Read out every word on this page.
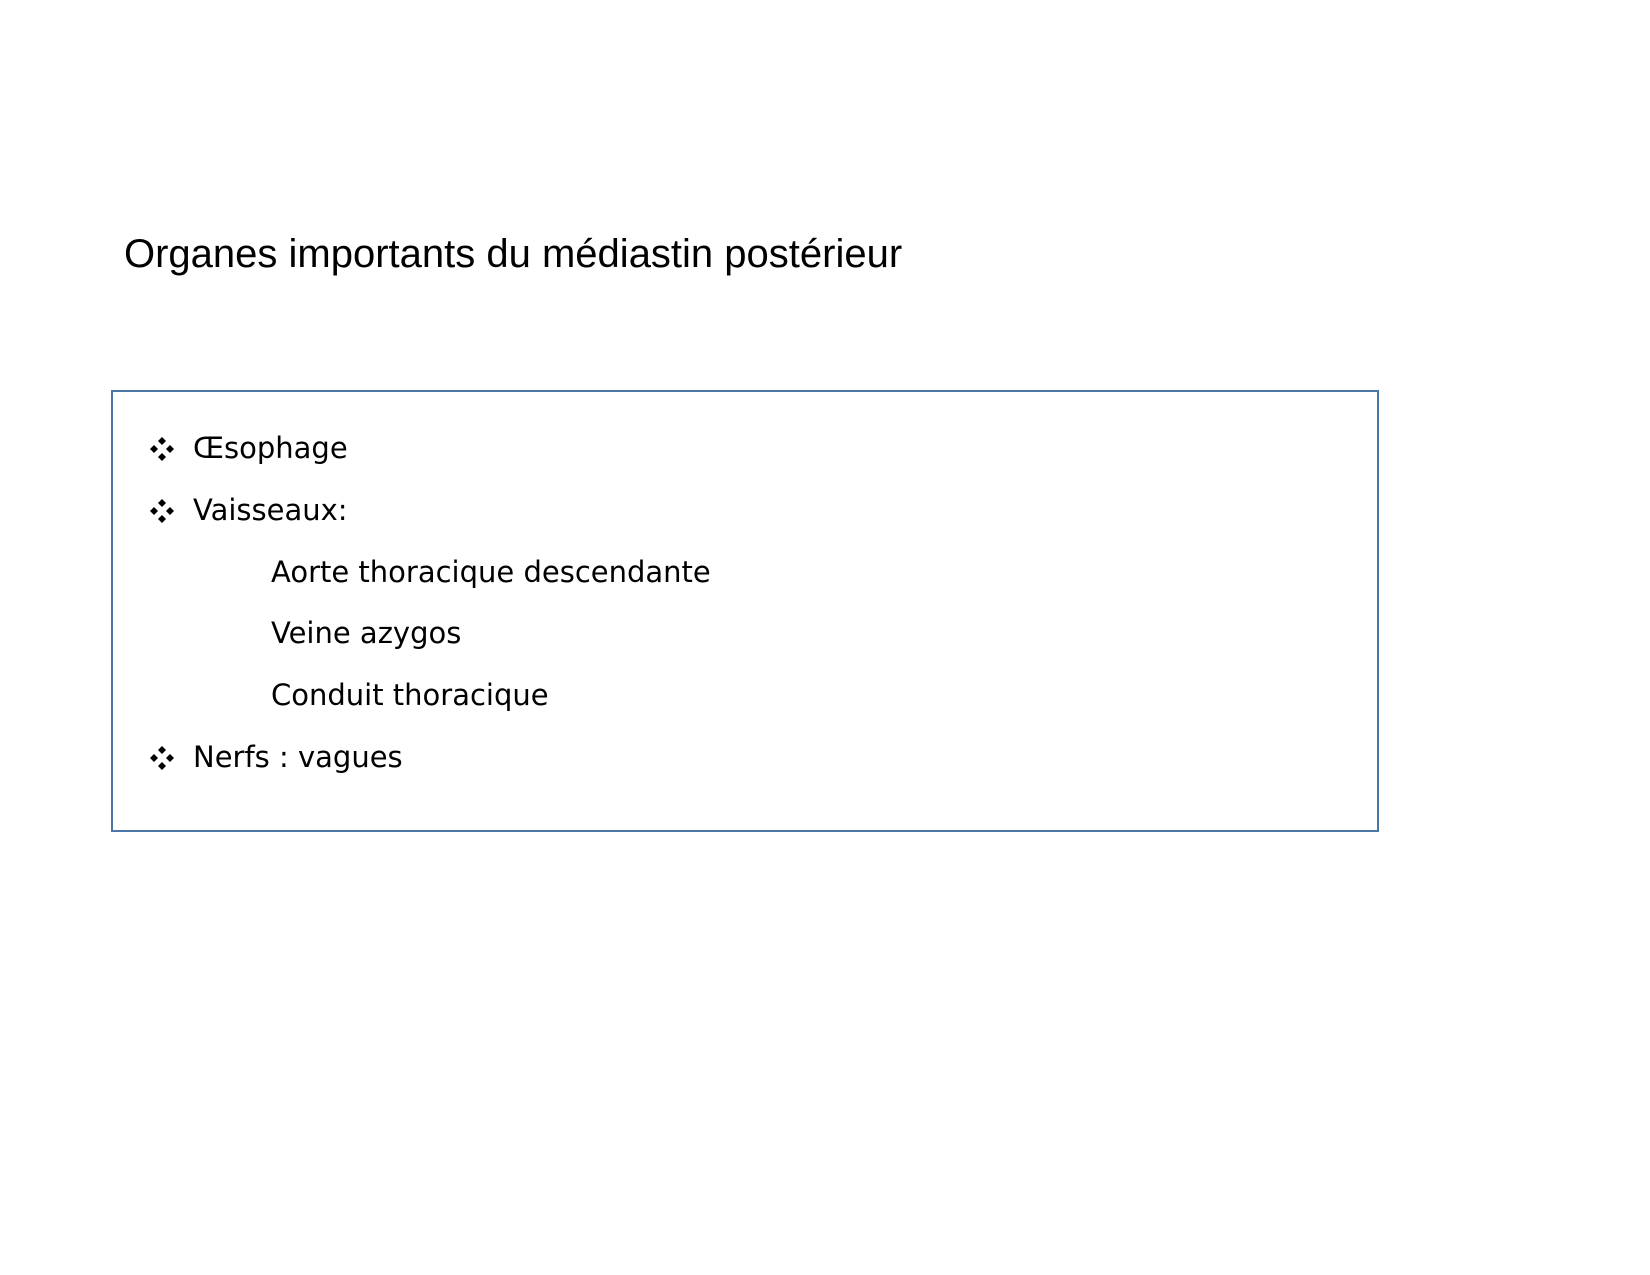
Organes importants du médiastin postérieur
Œsophage
Vaisseaux:
Aorte thoracique descendante
Veine azygos
Conduit thoracique
Nerfs : vagues
